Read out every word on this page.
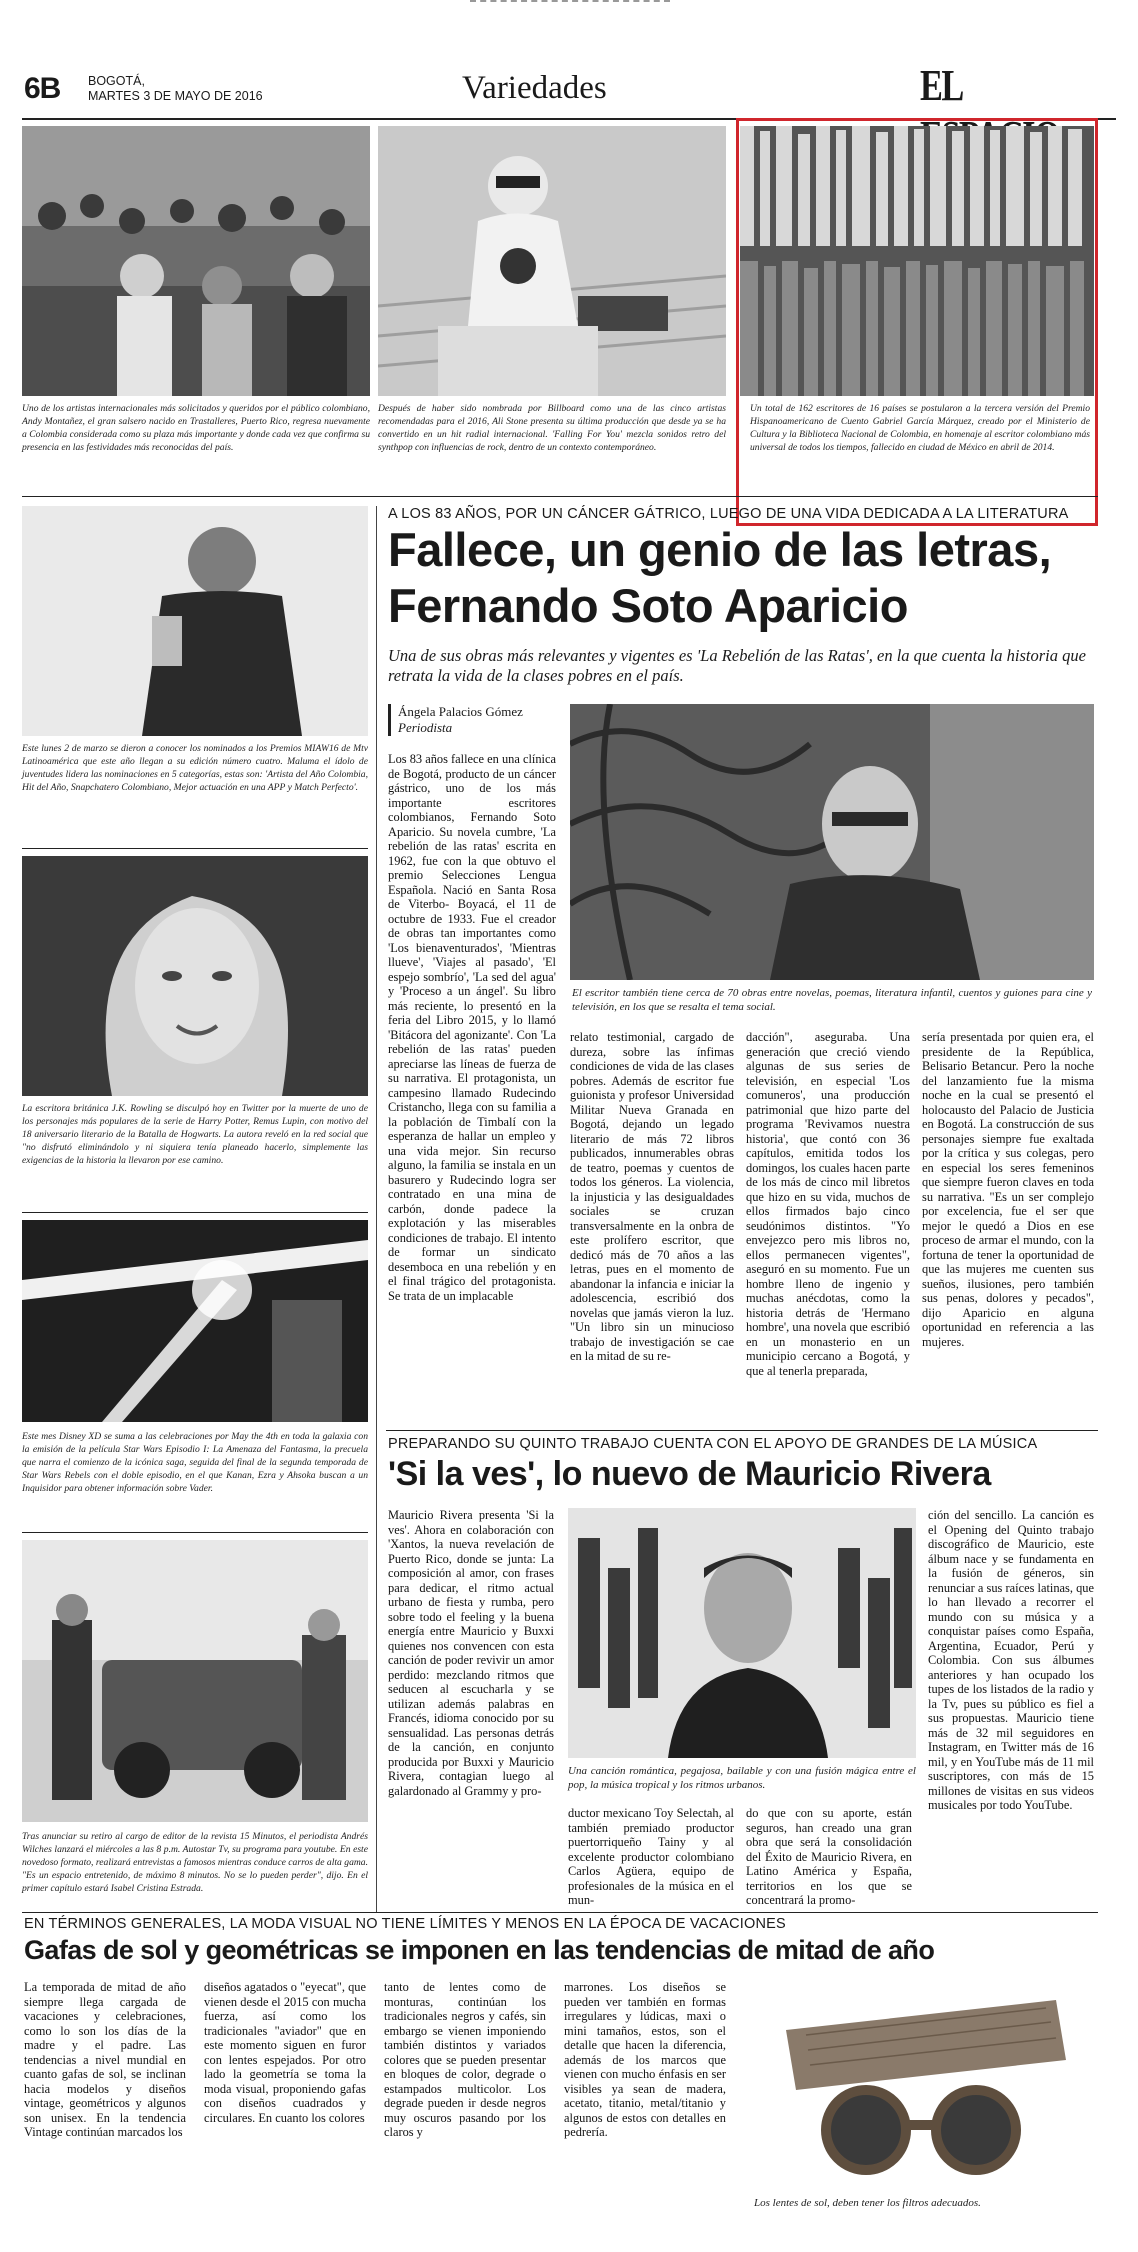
6B BOGOTÁ,
MARTES 3 DE MAYO DE 2016	Variedades	EL

Uno de los artistas internacionales más solicitados y queridos por el público colombiano, Andy Montañez, el gran salsero nacido en Trastalleres, Puerto Rico, regresa nuevamente a Colombia considerada como su plaza más importante y donde cada vez que confirma su presencia en las festividades más reconocidas del país.

Después de haber sido nombrada por Billboard como una de las cinco artistas recomendadas para el 2016, Ali Stone presenta su última producción que desde ya se ha convertido en un hit radial internacional. 'Falling For You' mezcla sonidos retro del synthpop con influencias de rock, dentro de un contexto contemporáneo.

Un total de 162 escritores de 16 países se postularon a la tercera versión del Premio Hispanoamericano de Cuento Gabriel García Márquez, creado por el Ministerio de Cultura y la Biblioteca Nacional de Colombia, en homenaje al escritor colombiano más universal de todos los tiempos, fallecido en ciudad de México en abril de 2014.

Este lunes 2 de marzo se dieron a conocer los nominados a los Premios MIAW16 de Mtv Latinoamérica que este año llegan a su edición número cuatro. Maluma el ídolo de juventudes lidera las nominaciones en 5 categorías, estas son: 'Artista del Año Colombia, Hit del Año, Snapchatero Colombiano, Mejor actuación en una APP y Match Perfecto'.

La escritora británica J.K. Rowling se disculpó hoy en Twitter por la muerte de uno de los personajes más populares de la serie de Harry Potter, Remus Lupin, con motivo del 18 aniversario literario de la Batalla de Hogwarts. La autora reveló en la red social que "no disfrutó eliminándolo y ni siquiera tenía planeado hacerlo, simplemente las exigencias de la historia la llevaron por ese camino.

Este mes Disney XD se suma a las celebraciones por May the 4th en toda la galaxia con la emisión de la película Star Wars Episodio I: La Amenaza del Fantasma, la precuela que narra el comienzo de la icónica saga, seguida del final de la segunda temporada de Star Wars Rebels con el doble episodio, en el que Kanan, Ezra y Ahsoka buscan a un Inquisidor para obtener información sobre Vader.

Tras anunciar su retiro al cargo de editor de la revista 15 Minutos, el periodista Andrés Wilches lanzará el miércoles a las 8 p.m. Autostar Tv, su programa para youtube. En este novedoso formato, realizará entrevistas a famosos mientras conduce carros de alta gama. "Es un espacio entretenido, de máximo 8 minutos. No se lo pueden perder", dijo. En el primer capítulo estará Isabel Cristina Estrada.

A LOS 83 AÑOS, POR UN CÁNCER GÁTRICO, LUEGO DE UNA VIDA DEDICADA A LA LITERATURA
Fallece, un genio de las letras,
Fernando Soto Aparicio
Una de sus obras más relevantes y vigentes es 'La Rebelión de las Ratas', en la que cuenta la historia que retrata la vida de la clases pobres en el país.
Ángela Palacios Gómez
Periodista

El escritor también tiene cerca de 70 obras entre novelas, poemas, literatura infantil, cuentos y guiones para cine y televisión, en los que se resalta el tema social.

Los 83 años fallece en una clínica de Bogotá, producto de un cáncer gástrico, uno de los más importante escritores colombianos, Fernando Soto Aparicio. Su novela cumbre, 'La rebelión de las ratas' escrita en 1962, fue con la que obtuvo el premio Selecciones Lengua Española. Nació en Santa Rosa de Viterbo- Boyacá, el 11 de octubre de 1933. Fue el creador de obras tan importantes como 'Los bienaventurados', 'Mientras llueve', 'Viajes al pasado', 'El espejo sombrío', 'La sed del agua' y 'Proceso a un ángel'. Su libro más reciente, lo presentó en la feria del Libro 2015, y lo llamó 'Bitácora del agonizante'. Con 'La rebelión de las ratas' pueden apreciarse las líneas de fuerza de su narrativa. El protagonista, un campesino llamado Rudecindo Cristancho, llega con su familia a la población de Timbalí con la esperanza de hallar un empleo y una vida mejor. Sin recurso alguno, la familia se instala en un basurero y Rudecindo logra ser contratado en una mina de carbón, donde padece la explotación y las miserables condiciones de trabajo. El intento de formar un sindicato desemboca en una rebelión y en el final trágico del protagonista. Se trata de un implacable
relato testimonial, cargado de dureza, sobre las ínfimas condiciones de vida de las clases pobres. Además de escritor fue guionista y profesor Universidad Militar Nueva Granada en Bogotá, dejando un legado literario de más 72 libros publicados, innumerables obras de teatro, poemas y cuentos de todos los géneros. La violencia, la injusticia y las desigualdades sociales se cruzan transversalmente en la onbra de este prolífero escritor, que dedicó más de 70 años a las letras, pues en el momento de abandonar la infancia e iniciar la adolescencia, escribió dos novelas que jamás vieron la luz. "Un libro sin un minucioso trabajo de investigación se cae en la mitad de su re-
dacción", aseguraba. Una generación que creció viendo algunas de sus series de televisión, en especial 'Los comuneros', una producción patrimonial que hizo parte del programa 'Revivamos nuestra historia', que contó con 36 capítulos, emitida todos los domingos, los cuales hacen parte de los más de cinco mil libretos que hizo en su vida, muchos de ellos firmados bajo cinco seudónimos distintos. "Yo envejezco pero mis libros no, ellos permanecen vigentes", aseguró en su momento. Fue un hombre lleno de ingenio y muchas anécdotas, como la historia detrás de 'Hermano hombre', una novela que escribió en un monasterio en un municipio cercano a Bogotá, y que al tenerla preparada,
sería presentada por quien era, el presidente de la República, Belisario Betancur. Pero la noche del lanzamiento fue la misma noche en la cual se presentó el holocausto del Palacio de Justicia en Bogotá. La construcción de sus personajes siempre fue exaltada por la crítica y sus colegas, pero en especial los seres femeninos que siempre fueron claves en toda su narrativa. "Es un ser complejo por excelencia, fue el ser que mejor le quedó a Dios en ese proceso de armar el mundo, con la fortuna de tener la oportunidad de que las mujeres me cuenten sus sueños, ilusiones, pero también sus penas, dolores y pecados", dijo Aparicio en alguna oportunidad en referencia a las mujeres.
PREPARANDO SU QUINTO TRABAJO CUENTA CON EL APOYO DE GRANDES DE LA MÚSICA
'Si la ves', lo nuevo de Mauricio Rivera
Mauricio Rivera presenta 'Si la ves'. Ahora en colaboración con 'Xantos, la nueva revelación de Puerto Rico, donde se junta: La composición al amor, con frases para dedicar, el ritmo actual urbano de fiesta y rumba, pero sobre todo el feeling y la buena energía entre Mauricio y Buxxi quienes nos convencen con esta canción de poder revivir un amor perdido: mezclando ritmos que seducen al escucharla y se utilizan además palabras en Francés, idioma conocido por su sensualidad. Las personas detrás de la canción, en conjunto producida por Buxxi y Mauricio Rivera, contagian luego al galardonado al Grammy y pro-

Una canción romántica, pegajosa, bailable y con una fusión mágica entre el pop, la música tropical y los ritmos urbanos.

ductor mexicano Toy Selectah, al también premiado productor puertorriqueño Tainy y al excelente productor colombiano Carlos Agüera, equipo de profesionales de la música en el mun-
do que con su aporte, están seguros, han creado una gran obra que será la consolidación del Éxito de Mauricio Rivera, en Latino América y España, territorios en los que se concentrará la promo-
ción del sencillo. La canción es el Opening del Quinto trabajo discográfico de Mauricio, este álbum nace y se fundamenta en la fusión de géneros, sin renunciar a sus raíces latinas, que lo han llevado a recorrer el mundo con su música y a conquistar países como España, Argentina, Ecuador, Perú y Colombia. Con sus álbumes anteriores y han ocupado los tupes de los listados de la radio y la Tv, pues su público es fiel a sus propuestas. Mauricio tiene más de 32 mil seguidores en Instagram, en Twitter más de 16 mil, y en YouTube más de 11 mil suscriptores, con más de 15 millones de visitas en sus videos musicales por todo YouTube.
EN TÉRMINOS GENERALES, LA MODA VISUAL NO TIENE LÍMITES Y MENOS EN LA ÉPOCA DE VACACIONES
Gafas de sol y geométricas se imponen en las tendencias de mitad de año
La temporada de mitad de año siempre llega cargada de vacaciones y celebraciones, como lo son los días de la madre y el padre. Las tendencias a nivel mundial en cuanto gafas de sol, se inclinan hacia modelos y diseños vintage, geométricos y algunos son unisex. En la tendencia Vintage continúan marcados los
diseños agatados o "eyecat", que vienen desde el 2015 con mucha fuerza, así como los tradicionales "aviador" que en este momento siguen en furor con lentes espejados. Por otro lado la geometría se toma la moda visual, proponiendo gafas con diseños cuadrados y circulares. En cuanto los colores
tanto de lentes como de monturas, continúan los tradicionales negros y cafés, sin embargo se vienen imponiendo también distintos y variados colores que se pueden presentar en bloques de color, degrade o estampados multicolor. Los degrade pueden ir desde negros muy oscuros pasando por los claros y
marrones. Los diseños se pueden ver también en formas irregulares y lúdicas, maxi o mini tamaños, estos, son el detalle que hacen la diferencia, además de los marcos que vienen con mucho énfasis en ser visibles ya sean de madera, acetato, titanio, metal/titanio y algunos de estos con detalles en pedrería.

Los lentes de sol, deben tener los filtros adecuados.
